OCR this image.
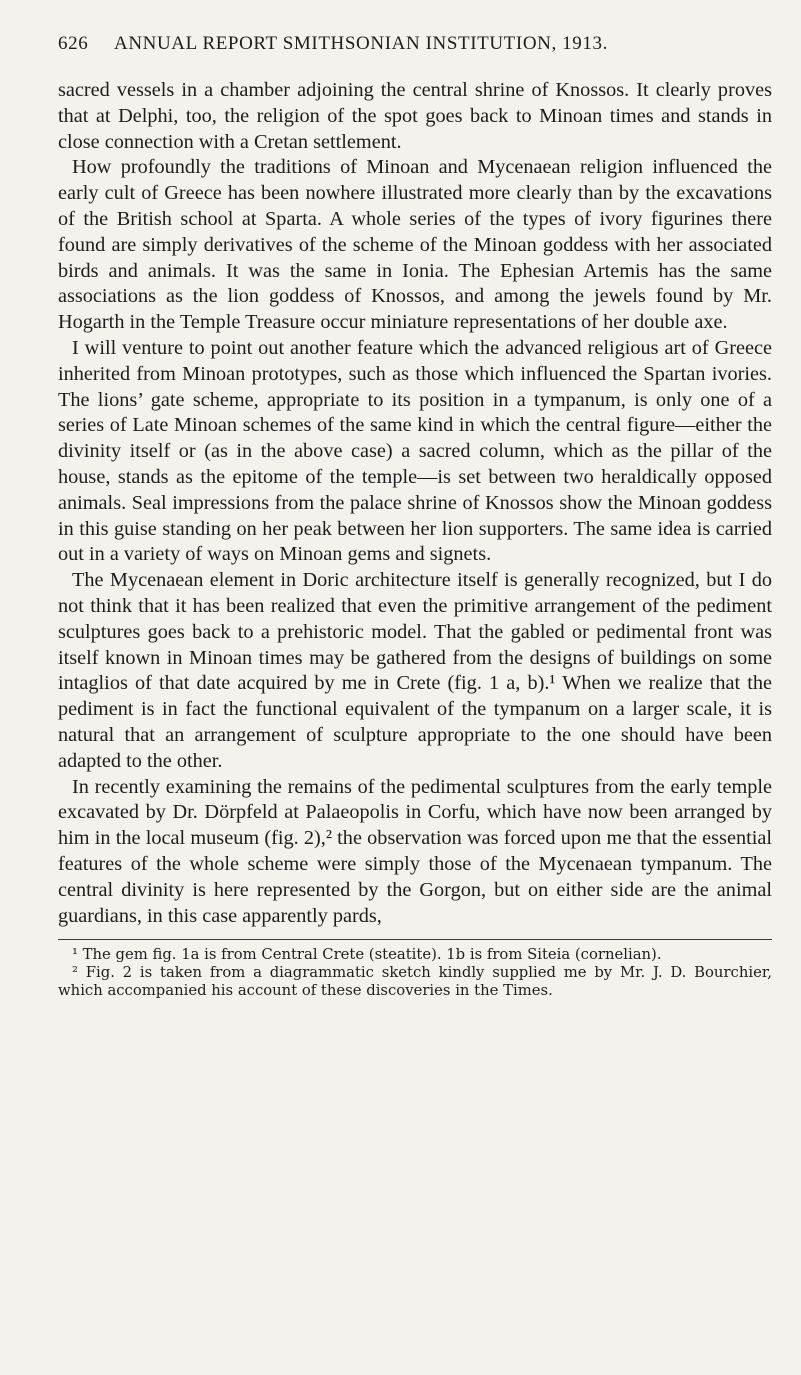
626	ANNUAL REPORT SMITHSONIAN INSTITUTION, 1913.

sacred vessels in a chamber adjoining the central shrine of Knossos. It clearly proves that at Delphi, too, the religion of the spot goes back to Minoan times and stands in close connection with a Cretan settlement.

How profoundly the traditions of Minoan and Mycenaean religion influenced the early cult of Greece has been nowhere illustrated more clearly than by the excavations of the British school at Sparta. A whole series of the types of ivory figurines there found are simply derivatives of the scheme of the Minoan goddess with her associated birds and animals. It was the same in Ionia. The Ephesian Artemis has the same associations as the lion goddess of Knossos, and among the jewels found by Mr. Hogarth in the Temple Treasure occur miniature representations of her double axe.

I will venture to point out another feature which the advanced religious art of Greece inherited from Minoan prototypes, such as those which influenced the Spartan ivories. The lions’ gate scheme, appropriate to its position in a tympanum, is only one of a series of Late Minoan schemes of the same kind in which the central figure—either the divinity itself or (as in the above case) a sacred column, which as the pillar of the house, stands as the epitome of the temple—is set between two heraldically opposed animals. Seal impressions from the palace shrine of Knossos show the Minoan goddess in this guise standing on her peak between her lion supporters. The same idea is carried out in a variety of ways on Minoan gems and signets.

The Mycenaean element in Doric architecture itself is generally recognized, but I do not think that it has been realized that even the primitive arrangement of the pediment sculptures goes back to a prehistoric model. That the gabled or pedimental front was itself known in Minoan times may be gathered from the designs of buildings on some intaglios of that date acquired by me in Crete (fig. 1 a, b).¹ When we realize that the pediment is in fact the functional equivalent of the tympanum on a larger scale, it is natural that an arrangement of sculpture appropriate to the one should have been adapted to the other.

In recently examining the remains of the pedimental sculptures from the early temple excavated by Dr. Dörpfeld at Palaeopolis in Corfu, which have now been arranged by him in the local museum (fig. 2),² the observation was forced upon me that the essential features of the whole scheme were simply those of the Mycenaean tympanum. The central divinity is here represented by the Gorgon, but on either side are the animal guardians, in this case apparently pards,

¹ The gem fig. 1a is from Central Crete (steatite). 1b is from Siteia (cornelian).

² Fig. 2 is taken from a diagrammatic sketch kindly supplied me by Mr. J. D. Bourchier, which accompanied his account of these discoveries in the Times.
